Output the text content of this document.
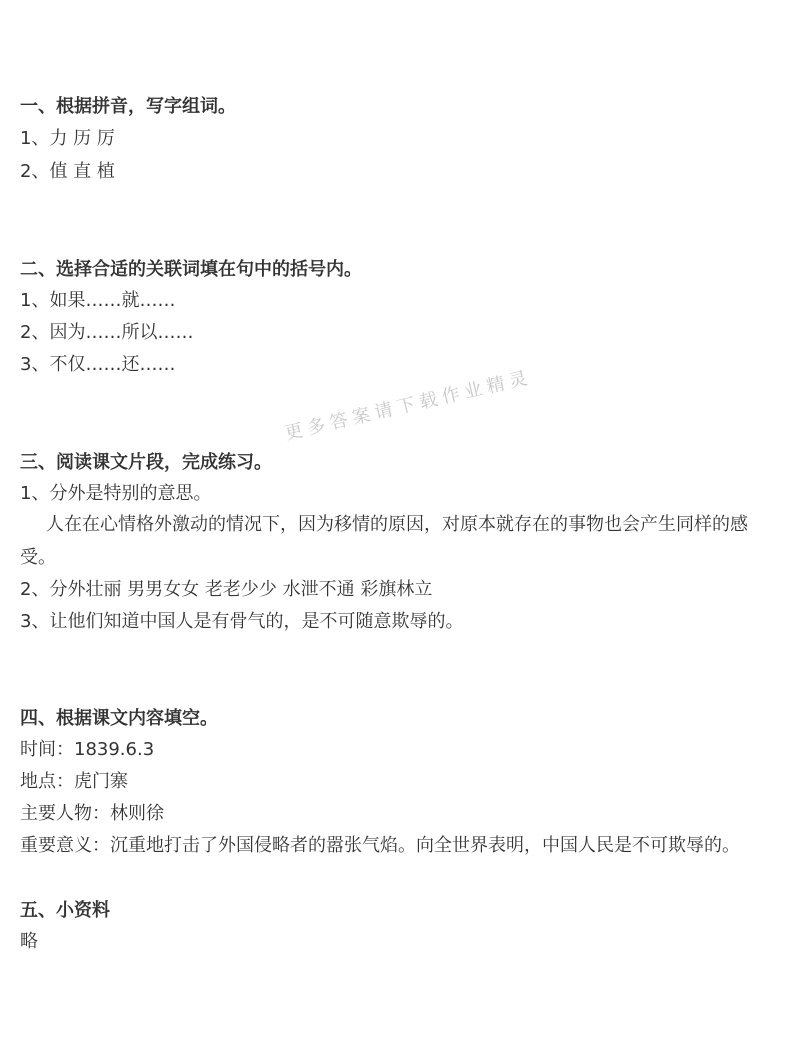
一、根据拼音，写字组词。
1、力 历 厉
2、值 直 植
二、选择合适的关联词填在句中的括号内。
1、如果……就……
2、因为……所以……
3、不仅……还……
三、阅读课文片段，完成练习。
1、分外是特别的意思。
人在在心情格外激动的情况下，因为移情的原因，对原本就存在的事物也会产生同样的感受。
2、分外壮丽 男男女女 老老少少 水泄不通 彩旗林立
3、让他们知道中国人是有骨气的，是不可随意欺辱的。
四、根据课文内容填空。
时间：1839.6.3
地点：虎门寨
主要人物：林则徐
重要意义：沉重地打击了外国侵略者的嚣张气焰。向全世界表明，中国人民是不可欺辱的。
五、小资料
略
更多答案请下载作业精灵
